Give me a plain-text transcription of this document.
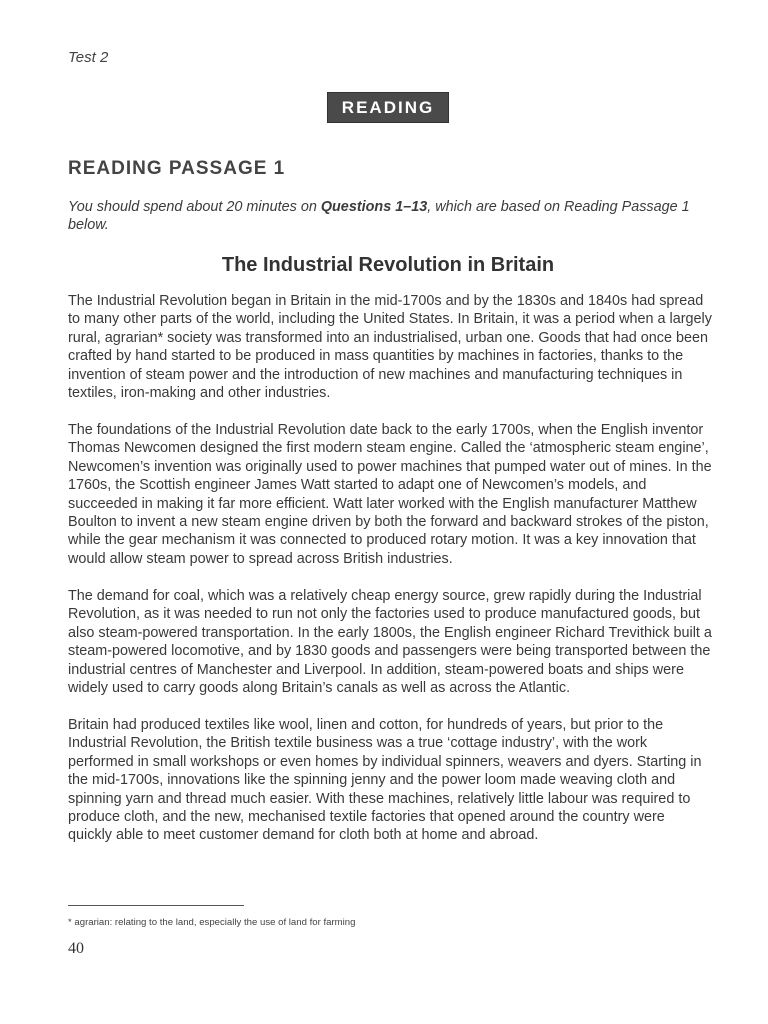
Test 2
READING
READING PASSAGE 1
You should spend about 20 minutes on Questions 1–13, which are based on Reading Passage 1 below.
The Industrial Revolution in Britain

The Industrial Revolution began in Britain in the mid-1700s and by the 1830s and 1840s had spread to many other parts of the world, including the United States. In Britain, it was a period when a largely rural, agrarian* society was transformed into an industrialised, urban one. Goods that had once been crafted by hand started to be produced in mass quantities by machines in factories, thanks to the invention of steam power and the introduction of new machines and manufacturing techniques in textiles, iron-making and other industries.

The foundations of the Industrial Revolution date back to the early 1700s, when the English inventor Thomas Newcomen designed the first modern steam engine. Called the ‘atmospheric steam engine’, Newcomen’s invention was originally used to power machines that pumped water out of mines. In the 1760s, the Scottish engineer James Watt started to adapt one of Newcomen’s models, and succeeded in making it far more efficient. Watt later worked with the English manufacturer Matthew Boulton to invent a new steam engine driven by both the forward and backward strokes of the piston, while the gear mechanism it was connected to produced rotary motion. It was a key innovation that would allow steam power to spread across British industries.

The demand for coal, which was a relatively cheap energy source, grew rapidly during the Industrial Revolution, as it was needed to run not only the factories used to produce manufactured goods, but also steam-powered transportation. In the early 1800s, the English engineer Richard Trevithick built a steam-powered locomotive, and by 1830 goods and passengers were being transported between the industrial centres of Manchester and Liverpool. In addition, steam-powered boats and ships were widely used to carry goods along Britain’s canals as well as across the Atlantic.

Britain had produced textiles like wool, linen and cotton, for hundreds of years, but prior to the Industrial Revolution, the British textile business was a true ‘cottage industry’, with the work performed in small workshops or even homes by individual spinners, weavers and dyers. Starting in the mid-1700s, innovations like the spinning jenny and the power loom made weaving cloth and spinning yarn and thread much easier. With these machines, relatively little labour was required to produce cloth, and the new, mechanised textile factories that opened around the country were quickly able to meet customer demand for cloth both at home and abroad.

* agrarian: relating to the land, especially the use of land for farming
40
